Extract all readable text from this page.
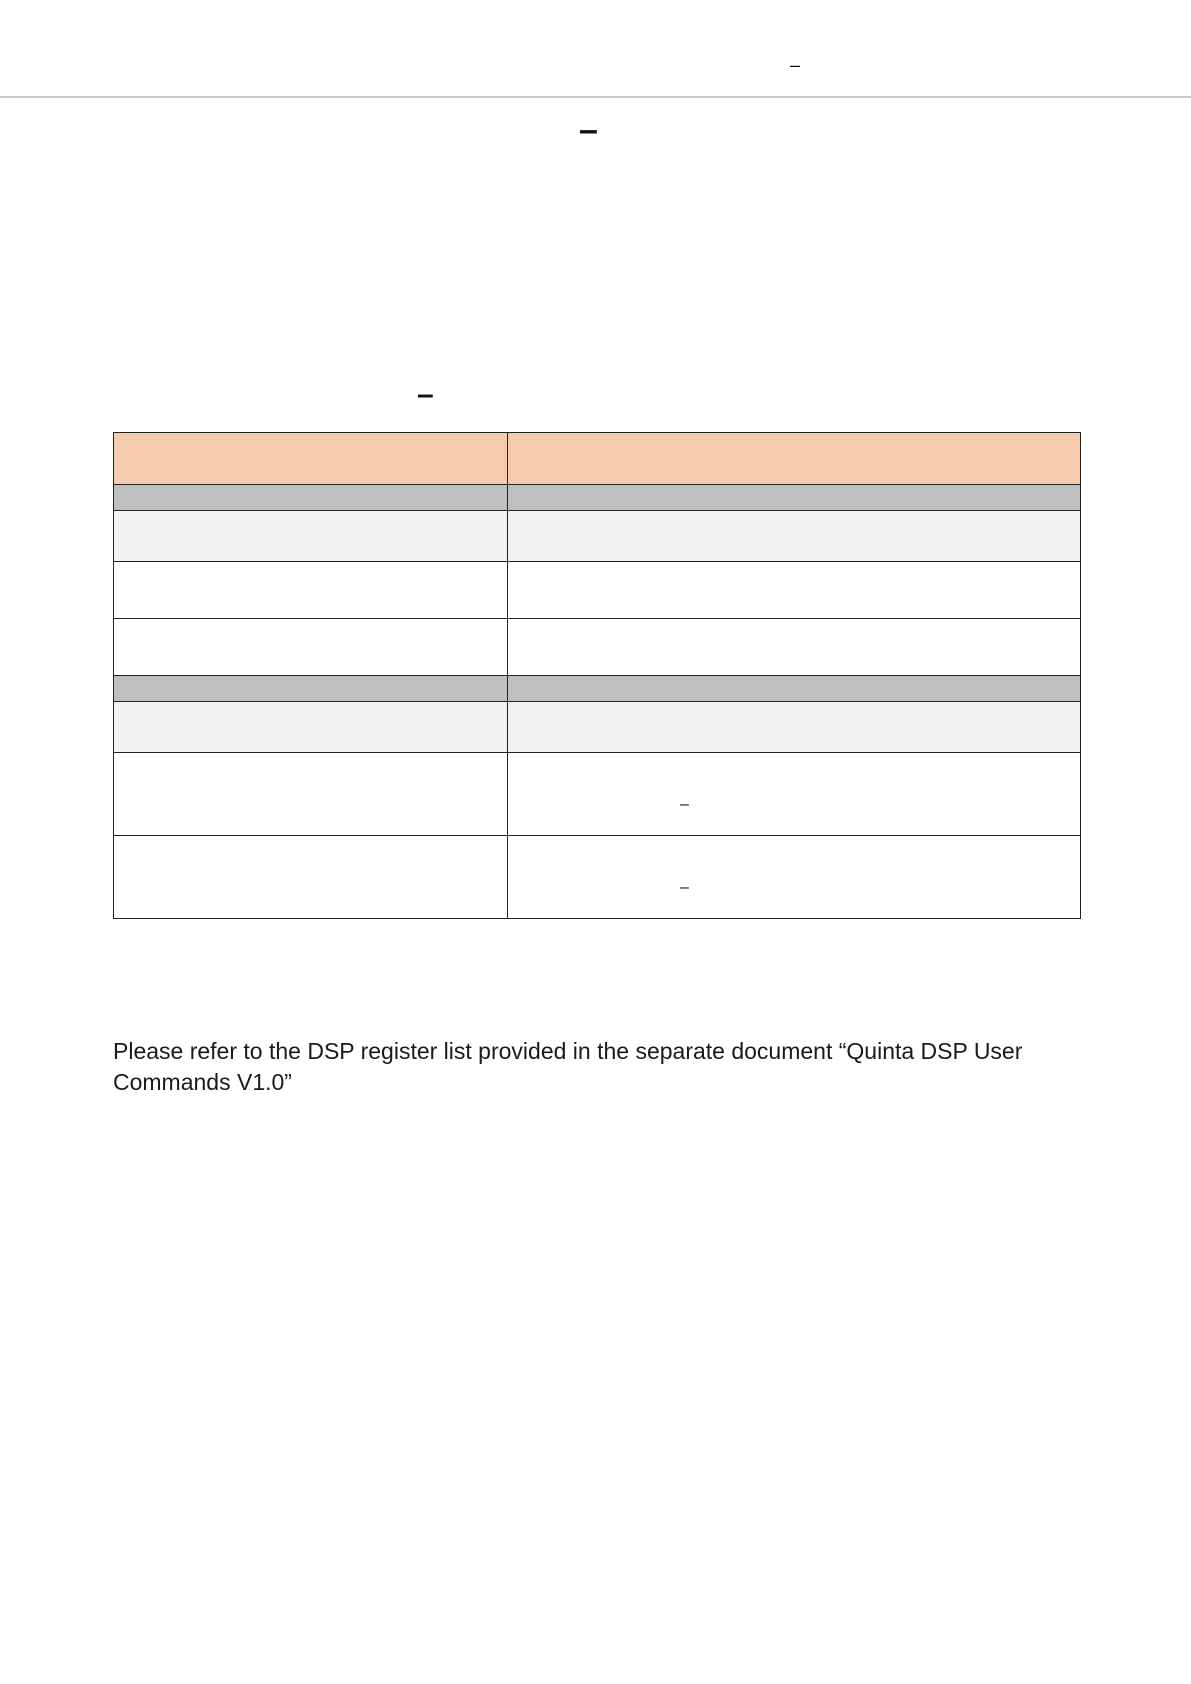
–
–
–

	–

	–

Please refer to the DSP register list provided in the separate document “Quinta DSP User Commands V1.0”
